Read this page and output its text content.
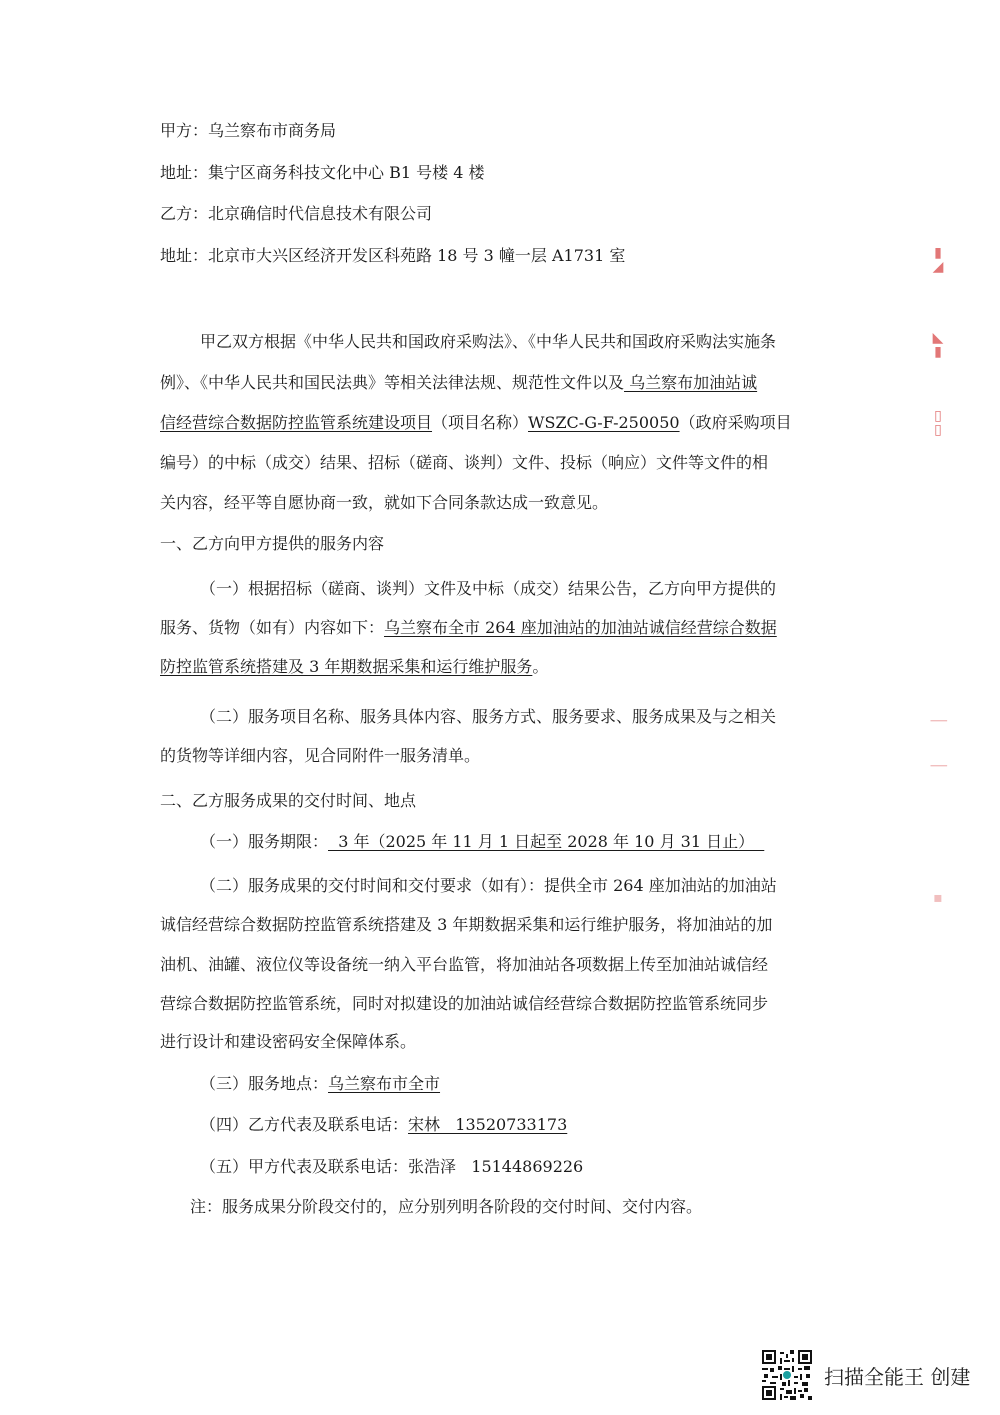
甲方：乌兰察布市商务局
地址：集宁区商务科技文化中心 B1 号楼 4 楼
乙方：北京确信时代信息技术有限公司
地址：北京市大兴区经济开发区科苑路 18 号 3 幢一层 A1731 室
甲乙双方根据《中华人民共和国政府采购法》、《中华人民共和国政府采购法实施条
例》、《中华人民共和国民法典》等相关法律法规、规范性文件以及 乌兰察布加油站诚
信经营综合数据防控监管系统建设项目（项目名称）WSZC-G-F-250050（政府采购项目
编号）的中标（成交）结果、招标（磋商、谈判）文件、投标（响应）文件等文件的相
关内容，经平等自愿协商一致，就如下合同条款达成一致意见。
一、乙方向甲方提供的服务内容
（一）根据招标（磋商、谈判）文件及中标（成交）结果公告，乙方向甲方提供的
服务、货物（如有）内容如下：乌兰察布全市 264 座加油站的加油站诚信经营综合数据
防控监管系统搭建及 3 年期数据采集和运行维护服务。
（二）服务项目名称、服务具体内容、服务方式、服务要求、服务成果及与之相关
的货物等详细内容，见合同附件一服务清单。
二、乙方服务成果的交付时间、地点
（一）服务期限：  3 年（2025 年 11 月 1 日起至 2028 年 10 月 31 日止）
（二）服务成果的交付时间和交付要求（如有）：提供全市 264 座加油站的加油站
诚信经营综合数据防控监管系统搭建及 3 年期数据采集和运行维护服务，将加油站的加
油机、油罐、液位仪等设备统一纳入平台监管，将加油站各项数据上传至加油站诚信经
营综合数据防控监管系统，同时对拟建设的加油站诚信经营综合数据防控监管系统同步
进行设计和建设密码安全保障体系。
（三）服务地点：乌兰察布市全市
（四）乙方代表及联系电话：宋林   13520733173
（五）甲方代表及联系电话：张浩泽   15144869226
注：服务成果分阶段交付的，应分别列明各阶段的交付时间、交付内容。
▮◢
◣▮
▯▯
▏
▏
▪
扫描全能王 创建
